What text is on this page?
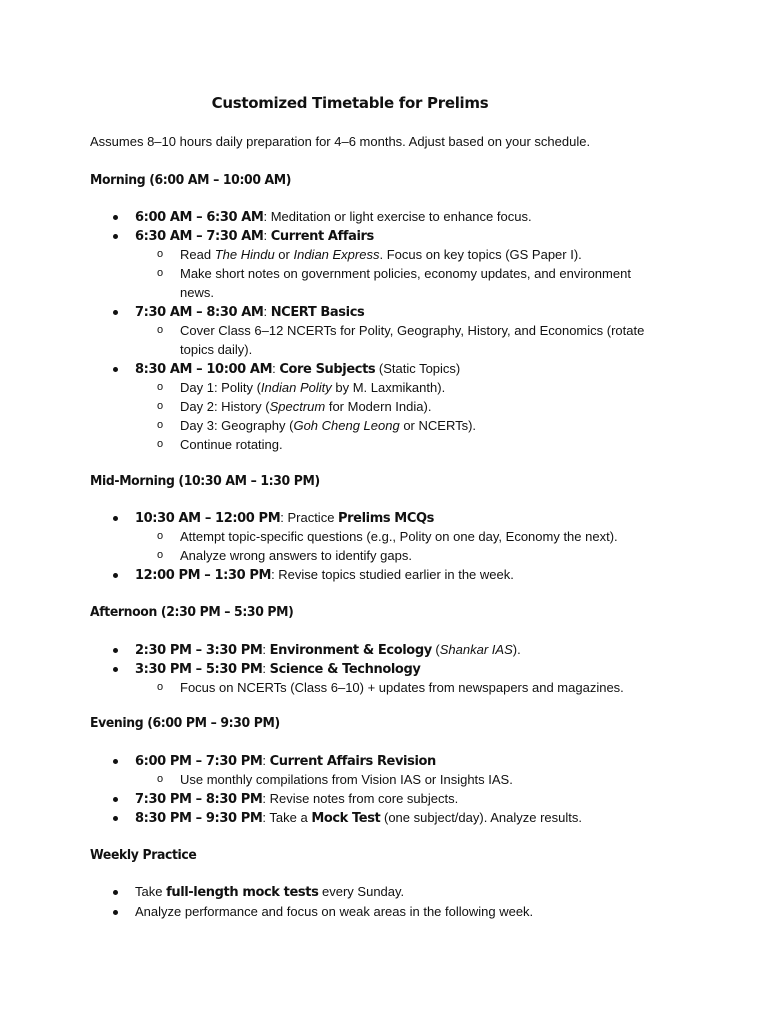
Customized Timetable for Prelims
Assumes 8–10 hours daily preparation for 4–6 months. Adjust based on your schedule.
Morning (6:00 AM – 10:00 AM)
6:00 AM – 6:30 AM: Meditation or light exercise to enhance focus.
6:30 AM – 7:30 AM: Current Affairs
o Read The Hindu or Indian Express. Focus on key topics (GS Paper I).
o Make short notes on government policies, economy updates, and environment
news.
7:30 AM – 8:30 AM: NCERT Basics
o Cover Class 6–12 NCERTs for Polity, Geography, History, and Economics (rotate
topics daily).
8:30 AM – 10:00 AM: Core Subjects (Static Topics)
o Day 1: Polity (Indian Polity by M. Laxmikanth).
o Day 2: History (Spectrum for Modern India).
o Day 3: Geography (Goh Cheng Leong or NCERTs).
o Continue rotating.
Mid-Morning (10:30 AM – 1:30 PM)
10:30 AM – 12:00 PM: Practice Prelims MCQs
o Attempt topic-specific questions (e.g., Polity on one day, Economy the next).
o Analyze wrong answers to identify gaps.
12:00 PM – 1:30 PM: Revise topics studied earlier in the week.
Afternoon (2:30 PM – 5:30 PM)
2:30 PM – 3:30 PM: Environment & Ecology (Shankar IAS).
3:30 PM – 5:30 PM: Science & Technology
o Focus on NCERTs (Class 6–10) + updates from newspapers and magazines.
Evening (6:00 PM – 9:30 PM)
6:00 PM – 7:30 PM: Current Affairs Revision
o Use monthly compilations from Vision IAS or Insights IAS.
7:30 PM – 8:30 PM: Revise notes from core subjects.
8:30 PM – 9:30 PM: Take a Mock Test (one subject/day). Analyze results.
Weekly Practice
Take full-length mock tests every Sunday.
Analyze performance and focus on weak areas in the following week.
